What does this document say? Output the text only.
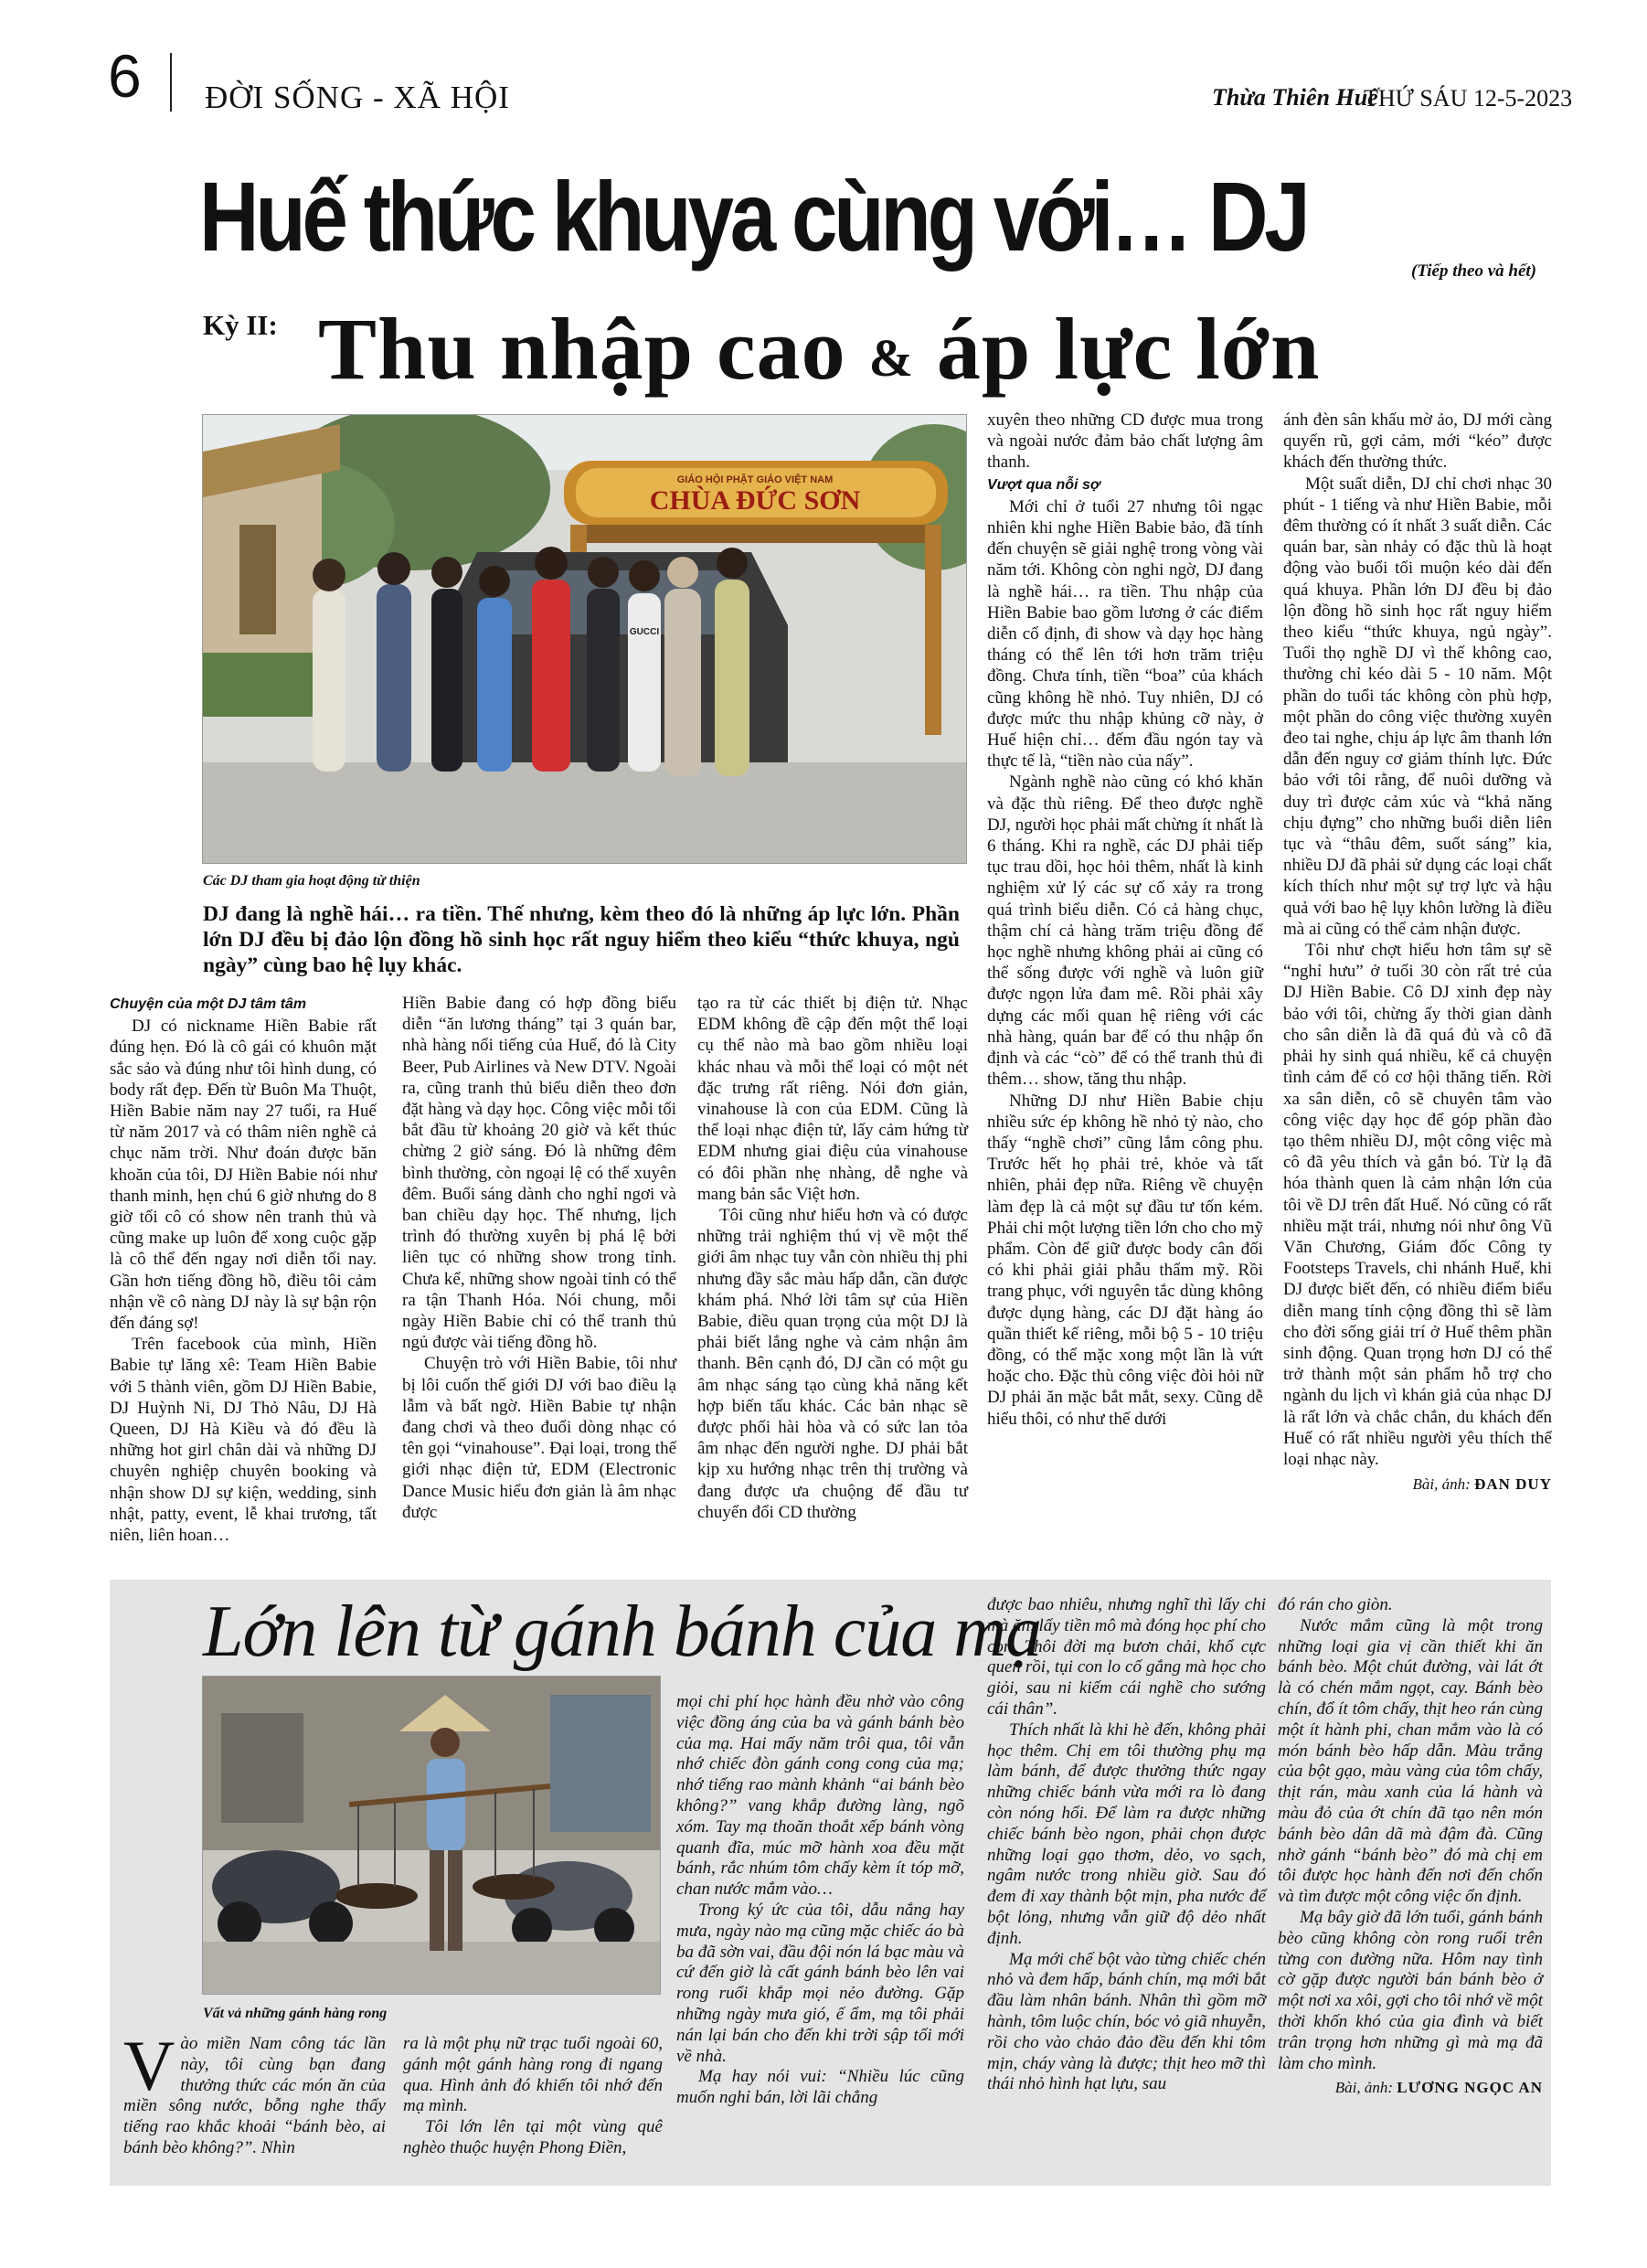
6 ĐỜI SỐNG - XÃ HỘI	Thừa Thiên Huế
THỨ SÁU 12-5-2023
Huế thức khuya cùng với… DJ	(Tiếp theo và hết)
Kỳ II: Thu nhập cao & áp lực lớn
GIÁO HỘI PHẬT GIÁO VIỆT NAM
CHÙA ĐỨC SƠN
GUCCI
Các DJ tham gia hoạt động từ thiện
DJ đang là nghề hái… ra tiền. Thế nhưng, kèm theo đó là những áp lực lớn. Phần lớn DJ đều bị đảo lộn đồng hồ sinh học rất nguy hiểm theo kiểu “thức khuya, ngủ ngày” cùng bao hệ lụy khác.
Chuyện của một DJ tâm tâm

DJ có nickname Hiền Babie rất đúng hẹn. Đó là cô gái có khuôn mặt sắc sảo và đúng như tôi hình dung, có body rất đẹp. Đến từ Buôn Ma Thuột, Hiền Babie năm nay 27 tuổi, ra Huế từ năm 2017 và có thâm niên nghề cả chục năm trời. Như đoán được băn khoăn của tôi, DJ Hiền Babie nói như thanh minh, hẹn chú 6 giờ nhưng do 8 giờ tối cô có show nên tranh thủ và cũng make up luôn để xong cuộc gặp là cô thể đến ngay nơi diễn tối nay. Gần hơn tiếng đồng hồ, điều tôi cảm nhận về cô nàng DJ này là sự bận rộn đến đáng sợ!

Trên facebook của mình, Hiền Babie tự lăng xê: Team Hiền Babie với 5 thành viên, gồm DJ Hiền Babie, DJ Huỳnh Ni, DJ Thỏ Nâu, DJ Hà Queen, DJ Hà Kiều và đó đều là những hot girl chân dài và những DJ chuyên nghiệp chuyên booking và nhận show DJ sự kiện, wedding, sinh nhật, patty, event, lễ khai trương, tất niên, liên hoan…

Hiền Babie đang có hợp đồng biểu diễn “ăn lương tháng” tại 3 quán bar, nhà hàng nổi tiếng của Huế, đó là City Beer, Pub Airlines và New DTV. Ngoài ra, cũng tranh thủ biểu diễn theo đơn đặt hàng và dạy học. Công việc mỗi tối bắt đầu từ khoảng 20 giờ và kết thúc chừng 2 giờ sáng. Đó là những đêm bình thường, còn ngoại lệ có thể xuyên đêm. Buổi sáng dành cho nghỉ ngơi và ban chiều dạy học. Thế nhưng, lịch trình đó thường xuyên bị phá lệ bởi liên tục có những show trong tỉnh. Chưa kể, những show ngoài tỉnh có thể ra tận Thanh Hóa. Nói chung, mỗi ngày Hiền Babie chỉ có thể tranh thủ ngủ được vài tiếng đồng hồ.

Chuyện trò với Hiền Babie, tôi như bị lôi cuốn thế giới DJ với bao điều lạ lẫm và bất ngờ. Hiền Babie tự nhận đang chơi và theo đuổi dòng nhạc có tên gọi “vinahouse”. Đại loại, trong thế giới nhạc điện tử, EDM (Electronic Dance Music hiểu đơn giản là âm nhạc được

tạo ra từ các thiết bị điện tử. Nhạc EDM không đề cập đến một thể loại cụ thể nào mà bao gồm nhiều loại khác nhau và mỗi thể loại có một nét đặc trưng rất riêng. Nói đơn giản, vinahouse là con của EDM. Cũng là thể loại nhạc điện tử, lấy cảm hứng từ EDM nhưng giai điệu của vinahouse có đôi phần nhẹ nhàng, dễ nghe và mang bản sắc Việt hơn.

Tôi cũng như hiểu hơn và có được những trải nghiệm thú vị về một thế giới âm nhạc tuy vẫn còn nhiều thị phi nhưng đầy sắc màu hấp dẫn, cần được khám phá. Nhớ lời tâm sự của Hiền Babie, điều quan trọng của một DJ là phải biết lắng nghe và cảm nhận âm thanh. Bên cạnh đó, DJ cần có một gu âm nhạc sáng tạo cùng khả năng kết hợp biến tấu khác. Các bản nhạc sẽ được phối hài hòa và có sức lan tỏa âm nhạc đến người nghe. DJ phải bắt kịp xu hướng nhạc trên thị trường và đang được ưa chuộng để đầu tư chuyển đổi CD thường

xuyên theo những CD được mua trong và ngoài nước đảm bảo chất lượng âm thanh.

Vượt qua nỗi sợ

Mới chỉ ở tuổi 27 nhưng tôi ngạc nhiên khi nghe Hiền Babie bảo, đã tính đến chuyện sẽ giải nghệ trong vòng vài năm tới. Không còn nghi ngờ, DJ đang là nghề hái… ra tiền. Thu nhập của Hiền Babie bao gồm lương ở các điểm diễn cố định, đi show và dạy học hàng tháng có thể lên tới hơn trăm triệu đồng. Chưa tính, tiền “boa” của khách cũng không hề nhỏ. Tuy nhiên, DJ có được mức thu nhập khủng cỡ này, ở Huế hiện chỉ… đếm đầu ngón tay và thực tế là, “tiền nào của nấy”.

Ngành nghề nào cũng có khó khăn và đặc thù riêng. Để theo được nghề DJ, người học phải mất chừng ít nhất là 6 tháng. Khi ra nghề, các DJ phải tiếp tục trau dồi, học hỏi thêm, nhất là kinh nghiệm xử lý các sự cố xảy ra trong quá trình biểu diễn. Có cả hàng chục, thậm chí cả hàng trăm triệu đồng để học nghề nhưng không phải ai cũng có thể sống được với nghề và luôn giữ được ngọn lửa đam mê. Rồi phải xây dựng các mối quan hệ riêng với các nhà hàng, quán bar để có thu nhập ổn định và các “cò” để có thể tranh thủ đi thêm… show, tăng thu nhập.

Những DJ như Hiền Babie chịu nhiều sức ép không hề nhỏ tỷ nào, cho thấy “nghề chơi” cũng lắm công phu. Trước hết họ phải trẻ, khỏe và tất nhiên, phải đẹp nữa. Riêng về chuyện làm đẹp là cả một sự đầu tư tốn kém. Phải chi một lượng tiền lớn cho cho mỹ phẩm. Còn để giữ được body cân đối có khi phải giải phẫu thẩm mỹ. Rồi trang phục, với nguyên tắc dùng không được dụng hàng, các DJ đặt hàng áo quần thiết kế riêng, mỗi bộ 5 - 10 triệu đồng, có thể mặc xong một lần là vứt hoặc cho. Đặc thù công việc đòi hỏi nữ DJ phải ăn mặc bắt mắt, sexy. Cũng dễ hiểu thôi, có như thế dưới

ánh đèn sân khấu mờ ảo, DJ mới càng quyến rũ, gợi cảm, mới “kéo” được khách đến thường thức.

Một suất diễn, DJ chỉ chơi nhạc 30 phút - 1 tiếng và như Hiền Babie, mỗi đêm thường có ít nhất 3 suất diễn. Các quán bar, sàn nhảy có đặc thù là hoạt động vào buổi tối muộn kéo dài đến quá khuya. Phần lớn DJ đều bị đảo lộn đồng hồ sinh học rất nguy hiểm theo kiểu “thức khuya, ngủ ngày”. Tuổi thọ nghề DJ vì thế không cao, thường chỉ kéo dài 5 - 10 năm. Một phần do tuổi tác không còn phù hợp, một phần do công việc thường xuyên đeo tai nghe, chịu áp lực âm thanh lớn dẫn đến nguy cơ giảm thính lực. Đức bảo với tôi rằng, để nuôi dưỡng và duy trì được cảm xúc và “khả năng chịu đựng” cho những buổi diễn liên tục và “thâu đêm, suốt sáng” kia, nhiều DJ đã phải sử dụng các loại chất kích thích như một sự trợ lực và hậu quả với bao hệ lụy khôn lường là điều mà ai cũng có thể cảm nhận được.

Tôi như chợt hiểu hơn tâm sự sẽ “nghỉ hưu” ở tuổi 30 còn rất trẻ của DJ Hiền Babie. Cô DJ xinh đẹp này bảo với tôi, chừng ấy thời gian dành cho sân diễn là đã quá đủ và cô đã phải hy sinh quá nhiều, kể cả chuyện tình cảm để có cơ hội thăng tiến. Rời xa sân diễn, cô sẽ chuyên tâm vào công việc dạy học để góp phần đào tạo thêm nhiều DJ, một công việc mà cô đã yêu thích và gắn bó. Từ lạ đã hóa thành quen là cảm nhận lớn của tôi về DJ trên đất Huế. Nó cũng có rất nhiều mặt trái, nhưng nói như ông Vũ Văn Chương, Giám đốc Công ty Footsteps Travels, chi nhánh Huế, khi DJ được biết đến, có nhiều điểm biểu diễn mang tính cộng đồng thì sẽ làm cho đời sống giải trí ở Huế thêm phần sinh động. Quan trọng hơn DJ có thể trở thành một sản phẩm hỗ trợ cho ngành du lịch vì khán giả của nhạc DJ là rất lớn và chắc chắn, du khách đến Huế có rất nhiều người yêu thích thể loại nhạc này.

Bài, ảnh: ĐAN DUY
Lớn lên từ gánh bánh của mạ
Vất vả những gánh hàng rong

Vào miền Nam công tác lần này, tôi cùng bạn đang thưởng thức các món ăn của miền sông nước, bỗng nghe thấy tiếng rao khắc khoải “bánh bèo, ai bánh bèo không?”. Nhìn

ra là một phụ nữ trạc tuổi ngoài 60, gánh một gánh hàng rong đi ngang qua. Hình ảnh đó khiến tôi nhớ đến mạ mình.

Tôi lớn lên tại một vùng quê nghèo thuộc huyện Phong Điền,

mọi chi phí học hành đều nhờ vào công việc đồng áng của ba và gánh bánh bèo của mạ. Hai mấy năm trôi qua, tôi vẫn nhớ chiếc đòn gánh cong cong của mạ; nhớ tiếng rao mành khảnh “ai bánh bèo không?” vang khắp đường làng, ngõ xóm. Tay mạ thoăn thoắt xếp bánh vòng quanh đĩa, múc mỡ hành xoa đều mặt bánh, rắc nhúm tôm chấy kèm ít tóp mỡ, chan nước mắm vào…

Trong ký ức của tôi, dẫu nắng hay mưa, ngày nào mạ cũng mặc chiếc áo bà ba đã sờn vai, đầu đội nón lá bạc màu và cứ đến giờ là cất gánh bánh bèo lên vai rong ruổi khắp mọi nẻo đường. Gặp những ngày mưa gió, ế ẩm, mạ tôi phải nán lại bán cho đến khi trời sập tối mới về nhà.

Mạ hay nói vui: “Nhiều lúc cũng muốn nghỉ bán, lời lãi chẳng

được bao nhiêu, nhưng nghĩ thì lấy chi mà ăn, lấy tiền mô mà đóng học phí cho con. Thôi đời mạ bươn chải, khổ cực quen rồi, tụi con lo cố gắng mà học cho giỏi, sau ni kiếm cái nghề cho sướng cái thân”.

Thích nhất là khi hè đến, không phải học thêm. Chị em tôi thường phụ mạ làm bánh, để được thưởng thức ngay những chiếc bánh vừa mới ra lò đang còn nóng hổi. Để làm ra được những chiếc bánh bèo ngon, phải chọn được những loại gạo thơm, dẻo, vo sạch, ngâm nước trong nhiều giờ. Sau đó đem đi xay thành bột mịn, pha nước để bột lỏng, nhưng vẫn giữ độ dẻo nhất định.

Mạ mới chế bột vào từng chiếc chén nhỏ và đem hấp, bánh chín, mạ mới bắt đầu làm nhân bánh. Nhân thì gồm mỡ hành, tôm luộc chín, bóc vỏ giã nhuyễn, rồi cho vào chảo đảo đều đến khi tôm mịn, cháy vàng là được; thịt heo mỡ thì thái nhỏ hình hạt lựu, sau

đó rán cho giòn.

Nước mắm cũng là một trong những loại gia vị cần thiết khi ăn bánh bèo. Một chút đường, vài lát ớt là có chén mắm ngọt, cay. Bánh bèo chín, đổ ít tôm chấy, thịt heo rán cùng một ít hành phi, chan mắm vào là có món bánh bèo hấp dẫn. Màu trắng của bột gạo, màu vàng của tôm chấy, thịt rán, màu xanh của lá hành và màu đỏ của ớt chín đã tạo nên món bánh bèo dân dã mà đậm đà. Cũng nhờ gánh “bánh bèo” đó mà chị em tôi được học hành đến nơi đến chốn và tìm được một công việc ổn định.

Mạ bây giờ đã lớn tuổi, gánh bánh bèo cũng không còn rong ruổi trên từng con đường nữa. Hôm nay tình cờ gặp được người bán bánh bèo ở một nơi xa xôi, gợi cho tôi nhớ về một thời khốn khó của gia đình và biết trân trọng hơn những gì mà mạ đã làm cho mình.

Bài, ảnh: LƯƠNG NGỌC AN
